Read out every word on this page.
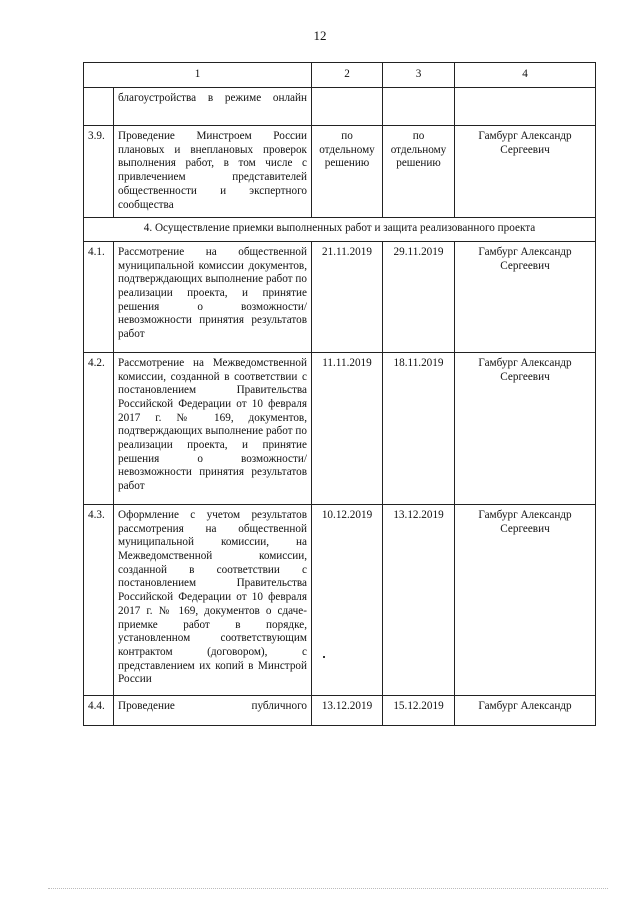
12
1		2	3	4
	благоустройства в режиме онлайн			
3.9.	Проведение Минстроем России плановых и внеплановых проверок выполнения работ, в том числе с привлечением представителей общественности и экспертного сообщества	по отдельному решению	по отдельному решению	Гамбург Александр Сергеевич
4. Осуществление приемки выполненных работ и защита реализованного проекта				
4.1.	Рассмотрение на общественной муниципальной комиссии документов, подтверждающих выполнение работ по реализации проекта, и принятие решения о возможности/невозможности принятия результатов работ	21.11.2019	29.11.2019	Гамбург Александр Сергеевич
4.2.	Рассмотрение на Межведомственной комиссии, созданной в соответствии с постановлением Правительства Российской Федерации от 10 февраля 2017 г. № 169, документов, подтверждающих выполнение работ по реализации проекта, и принятие решения о возможности/невозможности принятия результатов работ	11.11.2019	18.11.2019	Гамбург Александр Сергеевич
4.3.	Оформление с учетом результатов рассмотрения на общественной муниципальной комиссии, на Межведомственной комиссии, созданной в соответствии с постановлением Правительства Российской Федерации от 10 февраля 2017 г. № 169, документов о сдаче-приемке работ в порядке, установленном соответствующим контрактом (договором), с представлением их копий в Минстрой России	10.12.2019	13.12.2019	Гамбург Александр Сергеевич
4.4.	Проведение публичного	13.12.2019	15.12.2019	Гамбург Александр
